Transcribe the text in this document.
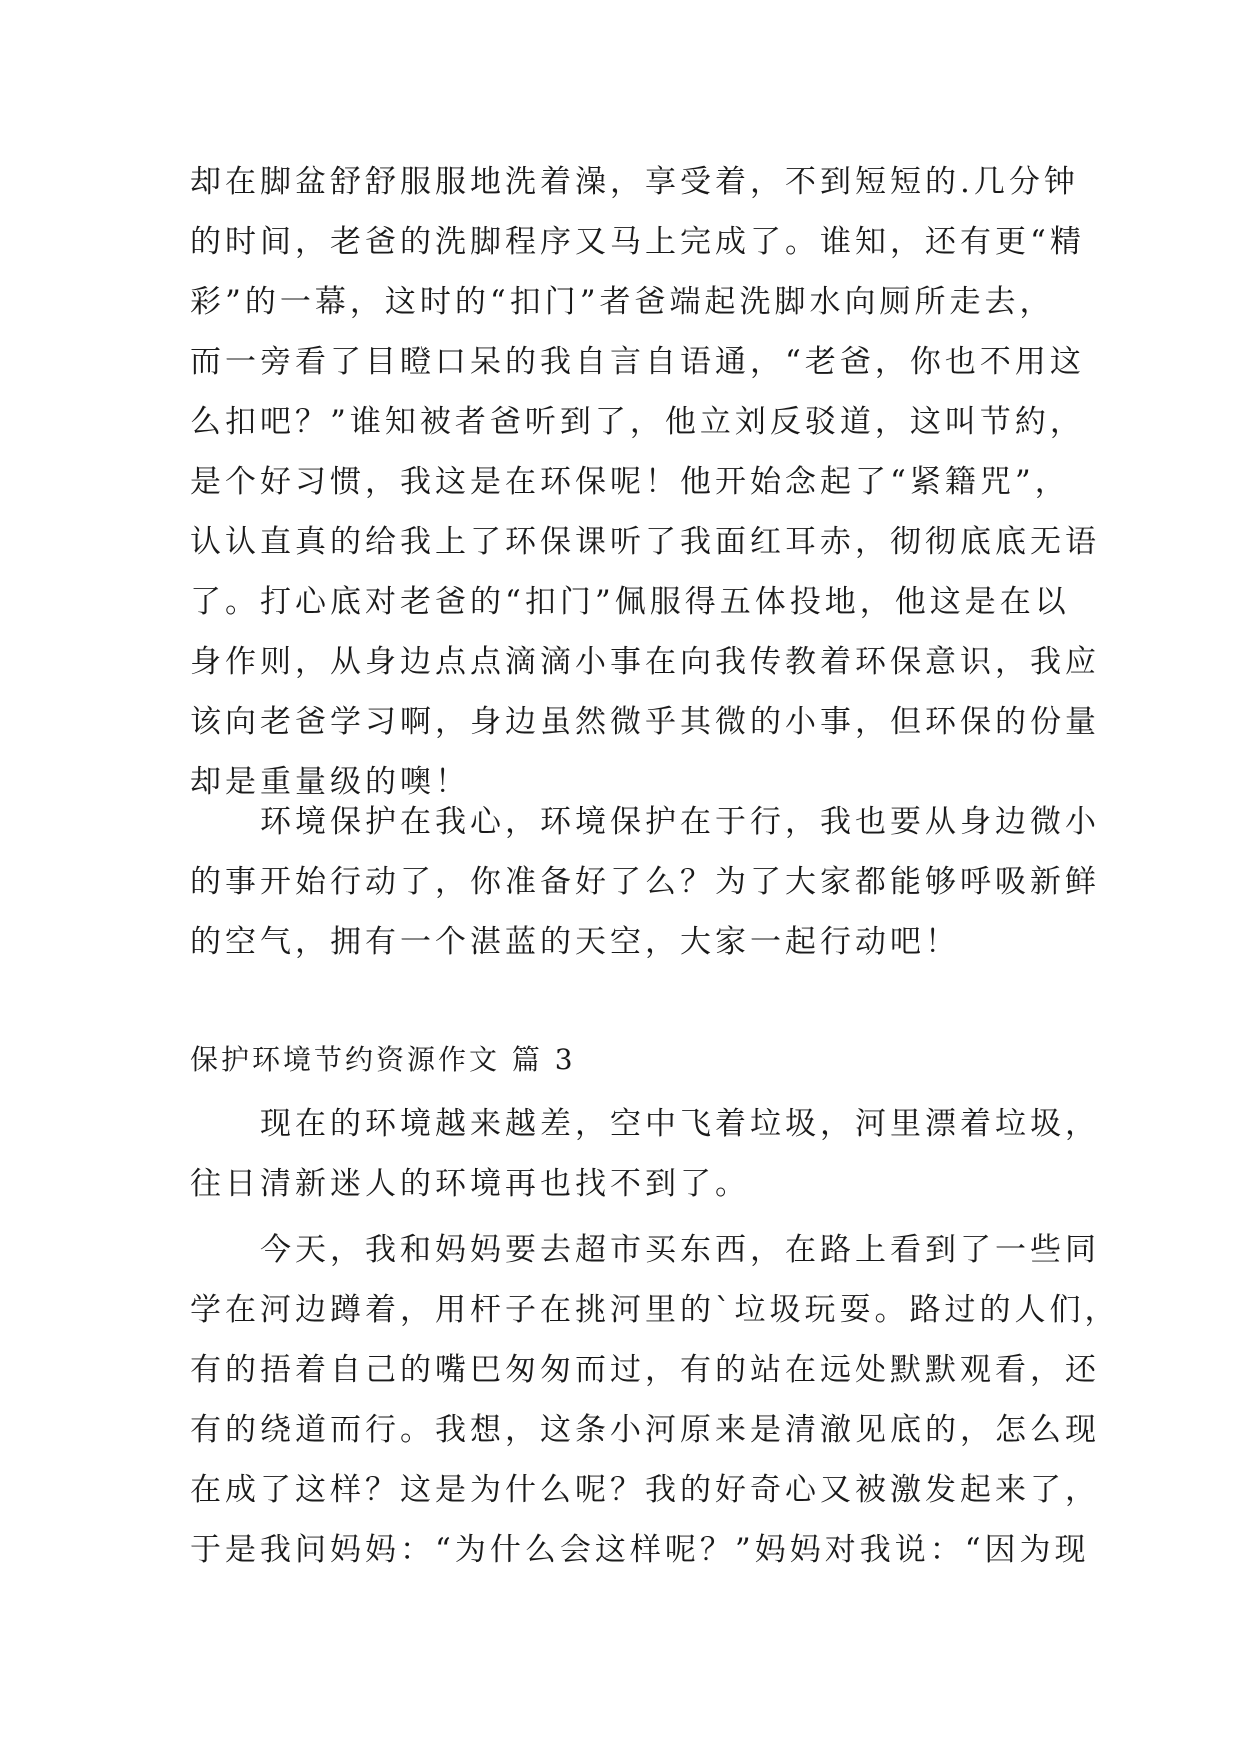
却在脚盆舒舒服服地洗着澡，享受着，不到短短的.几分钟
的时间，老爸的洗脚程序又马上完成了。谁知，还有更“精
彩”的一幕，这时的“扣门”者爸端起洗脚水向厕所走去，
而一旁看了目瞪口呆的我自言自语通，“老爸，你也不用这
么扣吧？”谁知被者爸听到了，他立刘反驳道，这叫节約，
是个好习惯，我这是在环保呢！他开始念起了“紧籍咒”，
认认直真的给我上了环保课听了我面红耳赤，彻彻底底无语
了。打心底对老爸的“扣门”佩服得五体投地，他这是在以
身作则，从身边点点滴滴小事在向我传教着环保意识，我应
该向老爸学习啊，身边虽然微乎其微的小事，但环保的份量
却是重量级的噢！
　　环境保护在我心，环境保护在于行，我也要从身边微小
的事开始行动了，你准备好了么？为了大家都能够呼吸新鲜
的空气，拥有一个湛蓝的天空，大家一起行动吧！
保护环境节约资源作文 篇 3
　　现在的环境越来越差，空中飞着垃圾，河里漂着垃圾，
往日清新迷人的环境再也找不到了。
　　今天，我和妈妈要去超市买东西，在路上看到了一些同
学在河边蹲着，用杆子在挑河里的`垃圾玩耍。路过的人们，
有的捂着自己的嘴巴匆匆而过，有的站在远处默默观看，还
有的绕道而行。我想，这条小河原来是清澈见底的，怎么现
在成了这样？这是为什么呢？我的好奇心又被激发起来了，
于是我问妈妈：“为什么会这样呢？”妈妈对我说：“因为现
